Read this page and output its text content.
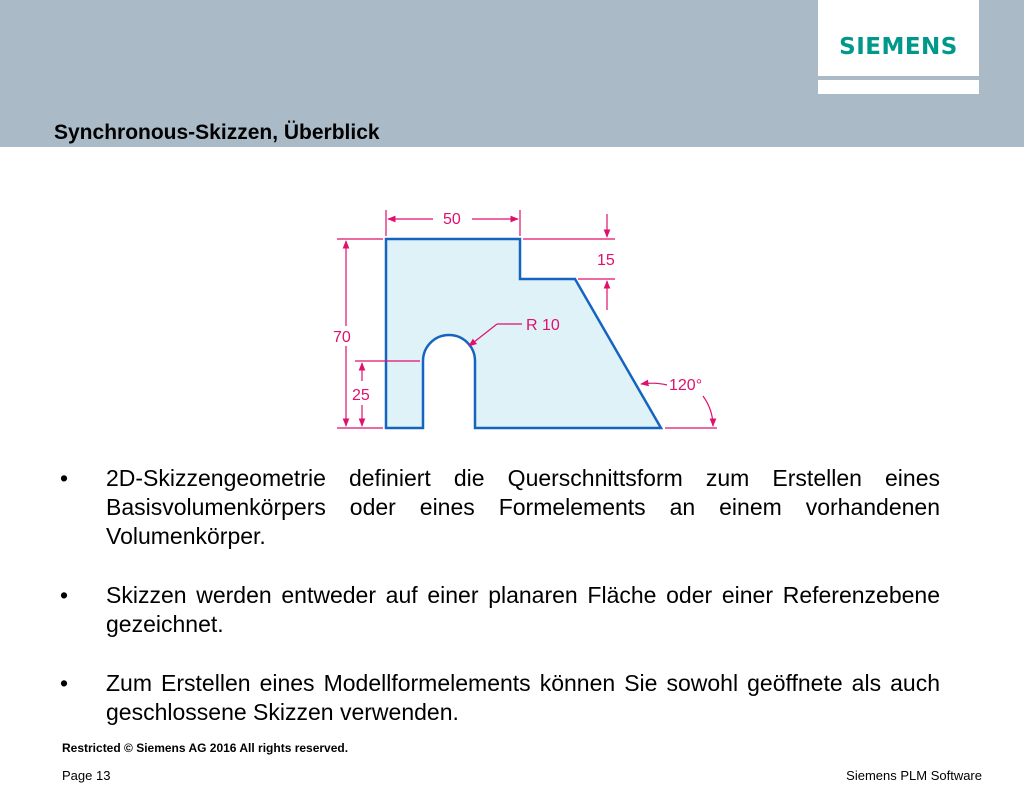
SIEMENS
Synchronous-Skizzen, Überblick
50
15
R 10
70
25
120°
• 2D-Skizzengeometrie definiert die Querschnittsform zum Erstellen eines Basisvolumenkörpers oder eines Formelements an einem vorhandenen Volumenkörper.
• Skizzen werden entweder auf einer planaren Fläche oder einer Referenzebene gezeichnet.
• Zum Erstellen eines Modellformelements können Sie sowohl geöffnete als auch geschlossene Skizzen verwenden.
Restricted © Siemens AG 2016 All rights reserved.
Page 13	Siemens PLM Software
